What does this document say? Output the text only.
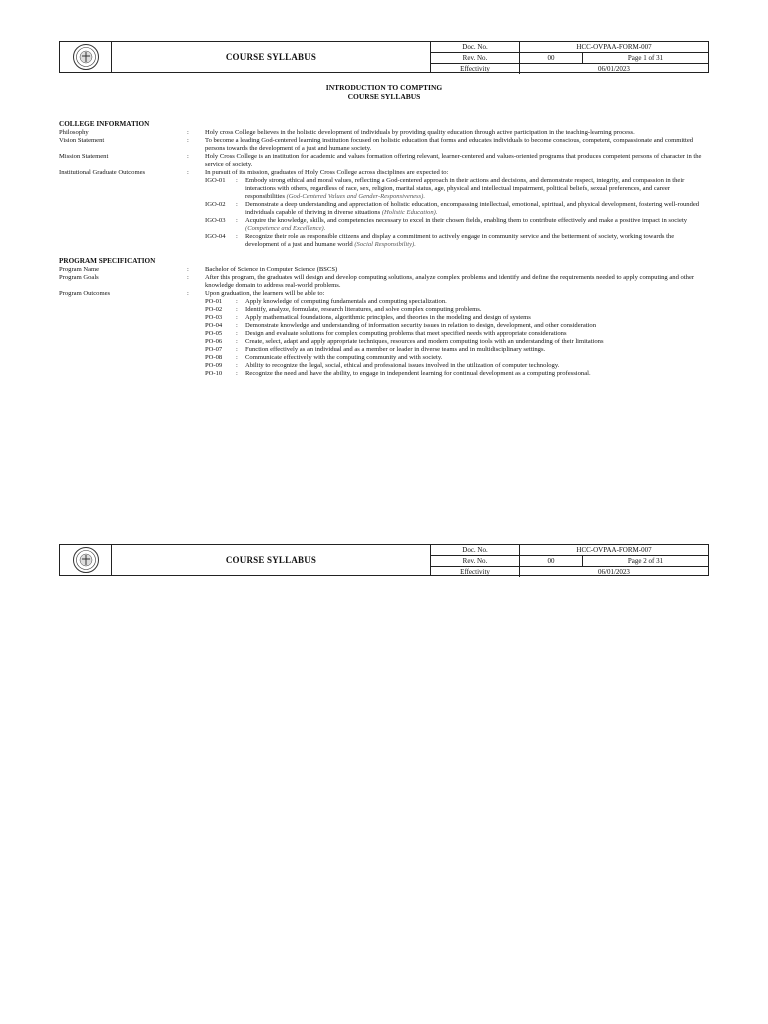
COURSE SYLLABUS
Doc. No.	HCC-OVPAA-FORM-007
Rev. No.	00	Page 1 of 31
Effectivity	06/01/2023
INTRODUCTION TO COMPTING
COURSE SYLLABUS
COLLEGE INFORMATION
Philosophy	:	Holy cross College believes in the holistic development of individuals by providing quality education through active participation in the teaching-learning process.
Vision Statement	:	To become a leading God-centered learning institution focused on holistic education that forms and educates individuals to become conscious, competent, compassionate and committed persons towards the development of a just and humane society.
Mission Statement	:	Holy Cross College is an institution for academic and values formation offering relevant, learner-centered and values-oriented programs that produces competent persons of character in the service of society.
Institutional Graduate Outcomes	:	In pursuit of its mission, graduates of Holy Cross College across disciplines are expected to:
IGO-01	:	Embody strong ethical and moral values, reflecting a God-centered approach in their actions and decisions, and demonstrate respect, integrity, and compassion in their interactions with others, regardless of race, sex, religion, marital status, age, physical and intellectual impairment, political beliefs, sexual preferences, and career responsibilities (God-Centered Values and Gender-Responsiveness).
IGO-02	:	Demonstrate a deep understanding and appreciation of holistic education, encompassing intellectual, emotional, spiritual, and physical development, fostering well-rounded individuals capable of thriving in diverse situations (Holistic Education).
IGO-03	:	Acquire the knowledge, skills, and competencies necessary to excel in their chosen fields, enabling them to contribute effectively and make a positive impact in society (Competence and Excellence).
IGO-04	:	Recognize their role as responsible citizens and display a commitment to actively engage in community service and the betterment of society, working towards the development of a just and humane world (Social Responsibility).
PROGRAM SPECIFICATION
Program Name	:	Bachelor of Science in Computer Science (BSCS)
Program Goals	:	After this program, the graduates will design and develop computing solutions, analyze complex problems and identify and define the requirements needed to apply computing and other knowledge domain to address real-world problems.
Program Outcomes	:	Upon graduation, the learners will be able to:
PO-01	:	Apply knowledge of computing fundamentals and computing specialization.
PO-02	:	Identify, analyze, formulate, research literatures, and solve complex computing problems.
PO-03	:	Apply mathematical foundations, algorithmic principles, and theories in the modeling and design of systems
PO-04	:	Demonstrate knowledge and understanding of information security issues in relation to design, development, and other consideration
PO-05	:	Design and evaluate solutions for complex computing problems that meet specified needs with appropriate considerations
PO-06	:	Create, select, adapt and apply appropriate techniques, resources and modern computing tools with an understanding of their limitations
PO-07	:	Function effectively as an individual and as a member or leader in diverse teams and in multidisciplinary settings.
PO-08	:	Communicate effectively with the computing community and with society.
PO-09	:	Ability to recognize the legal, social, ethical and professional issues involved in the utilization of computer technology.
PO-10	:	Recognize the need and have the ability, to engage in independent learning for continual development as a computing professional.
COURSE SYLLABUS
Doc. No.	HCC-OVPAA-FORM-007
Rev. No.	00	Page 2 of 31
Effectivity	06/01/2023
